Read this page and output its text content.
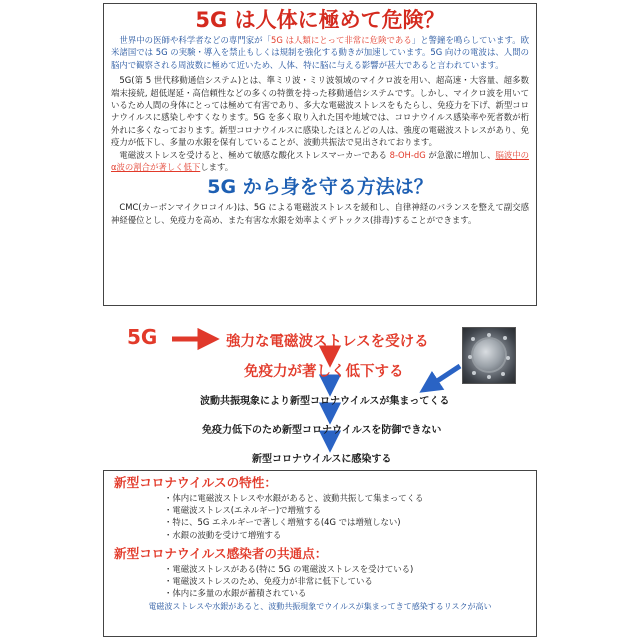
5G は人体に極めて危険？

世界中の医師や科学者などの専門家が「5G は人類にとって非常に危険である」と警鐘を鳴らしています。欧米諸国では 5G の実験・導入を禁止もしくは規制を強化する動きが加速しています。5G 向けの電波は、人間の脳内で観察される周波数に極めて近いため、人体、特に脳に与える影響が甚大であると言われています。

5G(第 5 世代移動通信システム)とは、準ミリ波・ミリ波領域のマイクロ波を用い、超高速・大容量、超多数端末接続, 超低遅延・高信頼性などの多くの特徴を持った移動通信システムです。しかし、マイクロ波を用いているため人間の身体にとっては極めて有害であり、多大な電磁波ストレスをもたらし、免疫力を下げ、新型コロナウイルスに感染しやすくなります。5G を多く取り入れた国や地域では、コロナウイルス感染率や死者数が桁外れに多くなっております。新型コロナウイルスに感染したほとんどの人は、強度の電磁波ストレスがあり、免疫力が低下し、多量の水銀を保有していることが、波動共振法で見出されております。

電磁波ストレスを受けると、極めて敏感な酸化ストレスマーカーである 8-OH-dG が急激に増加し、脳波中のα波の割合が著しく低下します。

5G から身を守る方法は？

CMC(カーボンマイクロコイル)は、5G による電磁波ストレスを緩和し、自律神経のバランスを整えて副交感神経優位とし、免疫力を高め、また有害な水銀を効率よくデトックス(排毒)することができます。

5G	強力な電磁波ストレスを受ける
免疫力が著しく低下する
波動共振現象により新型コロナウイルスが集まってくる
免疫力低下のため新型コロナウイルスを防御できない
新型コロナウイルスに感染する

新型コロナウイルスの特性：

・体内に電磁波ストレスや水銀があると、波動共振して集まってくる

・電磁波ストレス(エネルギー)で増殖する

・特に、5G エネルギーで著しく増殖する(4G では増殖しない)

・水銀の波動を受けて増殖する

新型コロナウイルス感染者の共通点：

・電磁波ストレスがある(特に 5G の電磁波ストレスを受けている)

・電磁波ストレスのため、免疫力が非常に低下している

・体内に多量の水銀が蓄積されている

電磁波ストレスや水銀があると、波動共振現象でウイルスが集まってきて感染するリスクが高い
